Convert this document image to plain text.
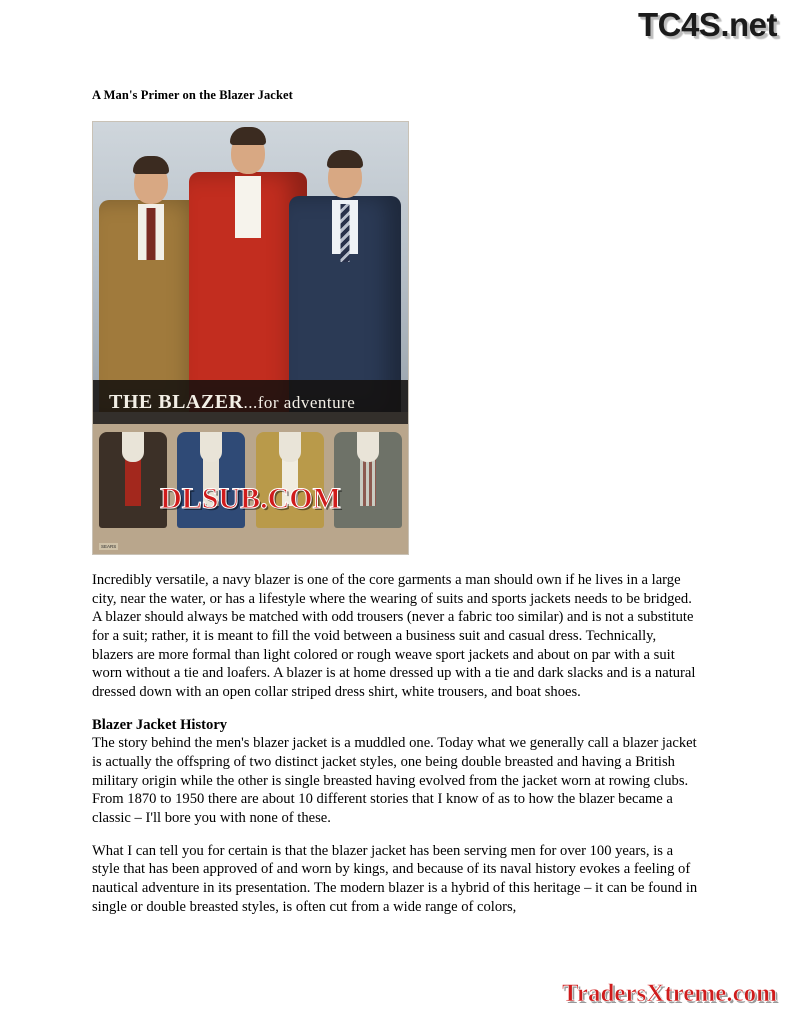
TC4S.net
A Man's Primer on the Blazer Jacket
THE BLAZER...for adventure
SEARS
DLSUB.COM

Incredibly versatile, a navy blazer is one of the core garments a man should own if he lives in a large city, near the water, or has a lifestyle where the wearing of suits and sports jackets needs to be bridged. A blazer should always be matched with odd trousers (never a fabric too similar) and is not a substitute for a suit; rather, it is meant to fill the void between a business suit and casual dress. Technically, blazers are more formal than light colored or rough weave sport jackets and about on par with a suit worn without a tie and loafers. A blazer is at home dressed up with a tie and dark slacks and is a natural dressed down with an open collar striped dress shirt, white trousers, and boat shoes.

Blazer Jacket History

The story behind the men's blazer jacket is a muddled one. Today what we generally call a blazer jacket is actually the offspring of two distinct jacket styles, one being double breasted and having a British military origin while the other is single breasted having evolved from the jacket worn at rowing clubs. From 1870 to 1950 there are about 10 different stories that I know of as to how the blazer became a classic – I'll bore you with none of these.

What I can tell you for certain is that the blazer jacket has been serving men for over 100 years, is a style that has been approved of and worn by kings, and because of its naval history evokes a feeling of nautical adventure in its presentation. The modern blazer is a hybrid of this heritage – it can be found in single or double breasted styles, is often cut from a wide range of colors,

TradersXtreme.com
